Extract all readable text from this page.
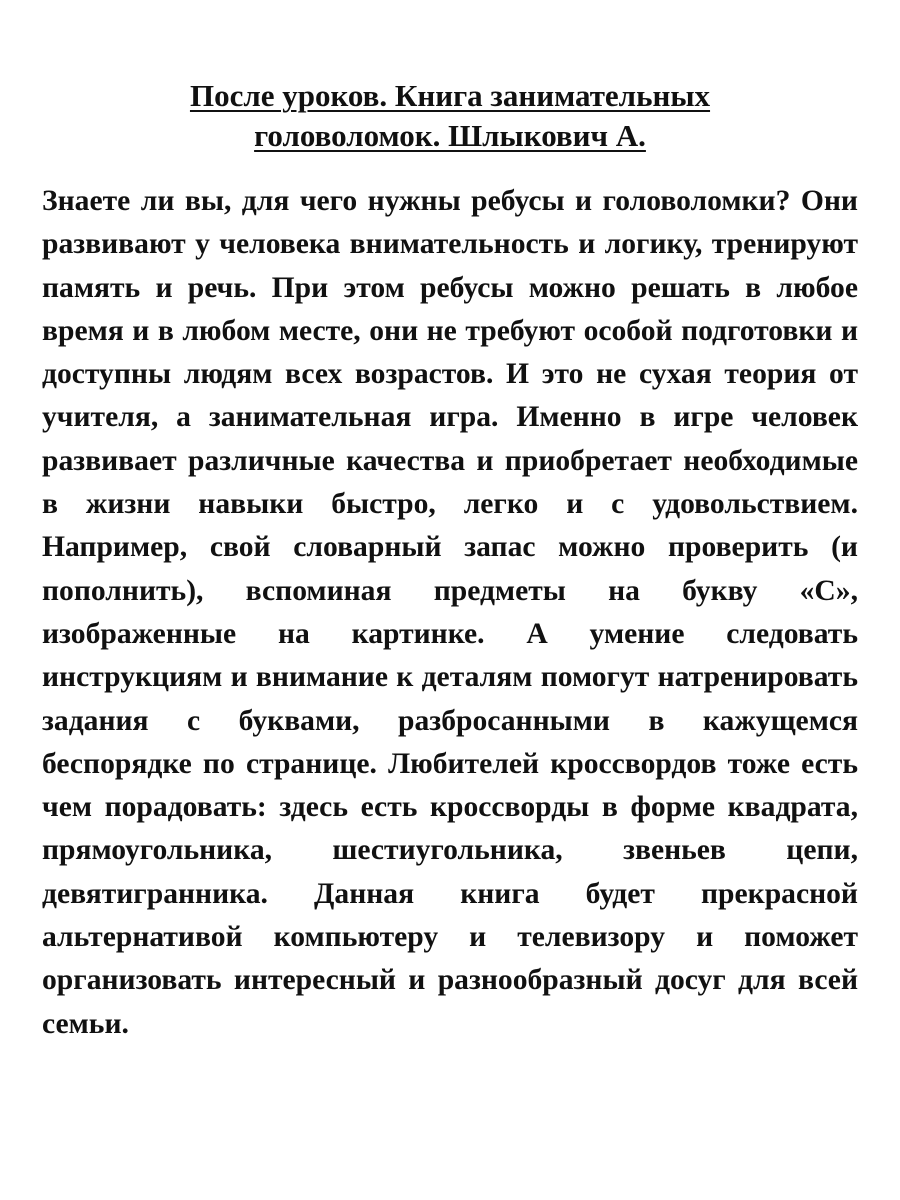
После уроков. Книга занимательных
головоломок. Шлыкович А.

Знаете ли вы, для чего нужны ребусы и головоломки? Они развивают у человека внимательность и логику, тренируют память и речь. При этом ребусы можно решать в любое время и в любом месте, они не требуют особой подготовки и доступны людям всех возрастов. И это не сухая теория от учителя, а занимательная игра. Именно в игре человек развивает различные качества и приобретает необходимые в жизни навыки быстро, легко и с удовольствием. Например, свой словарный запас можно проверить (и пополнить), вспоминая предметы на букву «С», изображенные на картинке. А умение следовать инструкциям и внимание к деталям помогут натренировать задания с буквами, разбросанными в кажущемся беспорядке по странице. Любителей кроссвордов тоже есть чем порадовать: здесь есть кроссворды в форме квадрата, прямоугольника, шестиугольника, звеньев цепи, девятигранника. Данная книга будет прекрасной альтернативой компьютеру и телевизору и поможет организовать интересный и разнообразный досуг для всей семьи.
